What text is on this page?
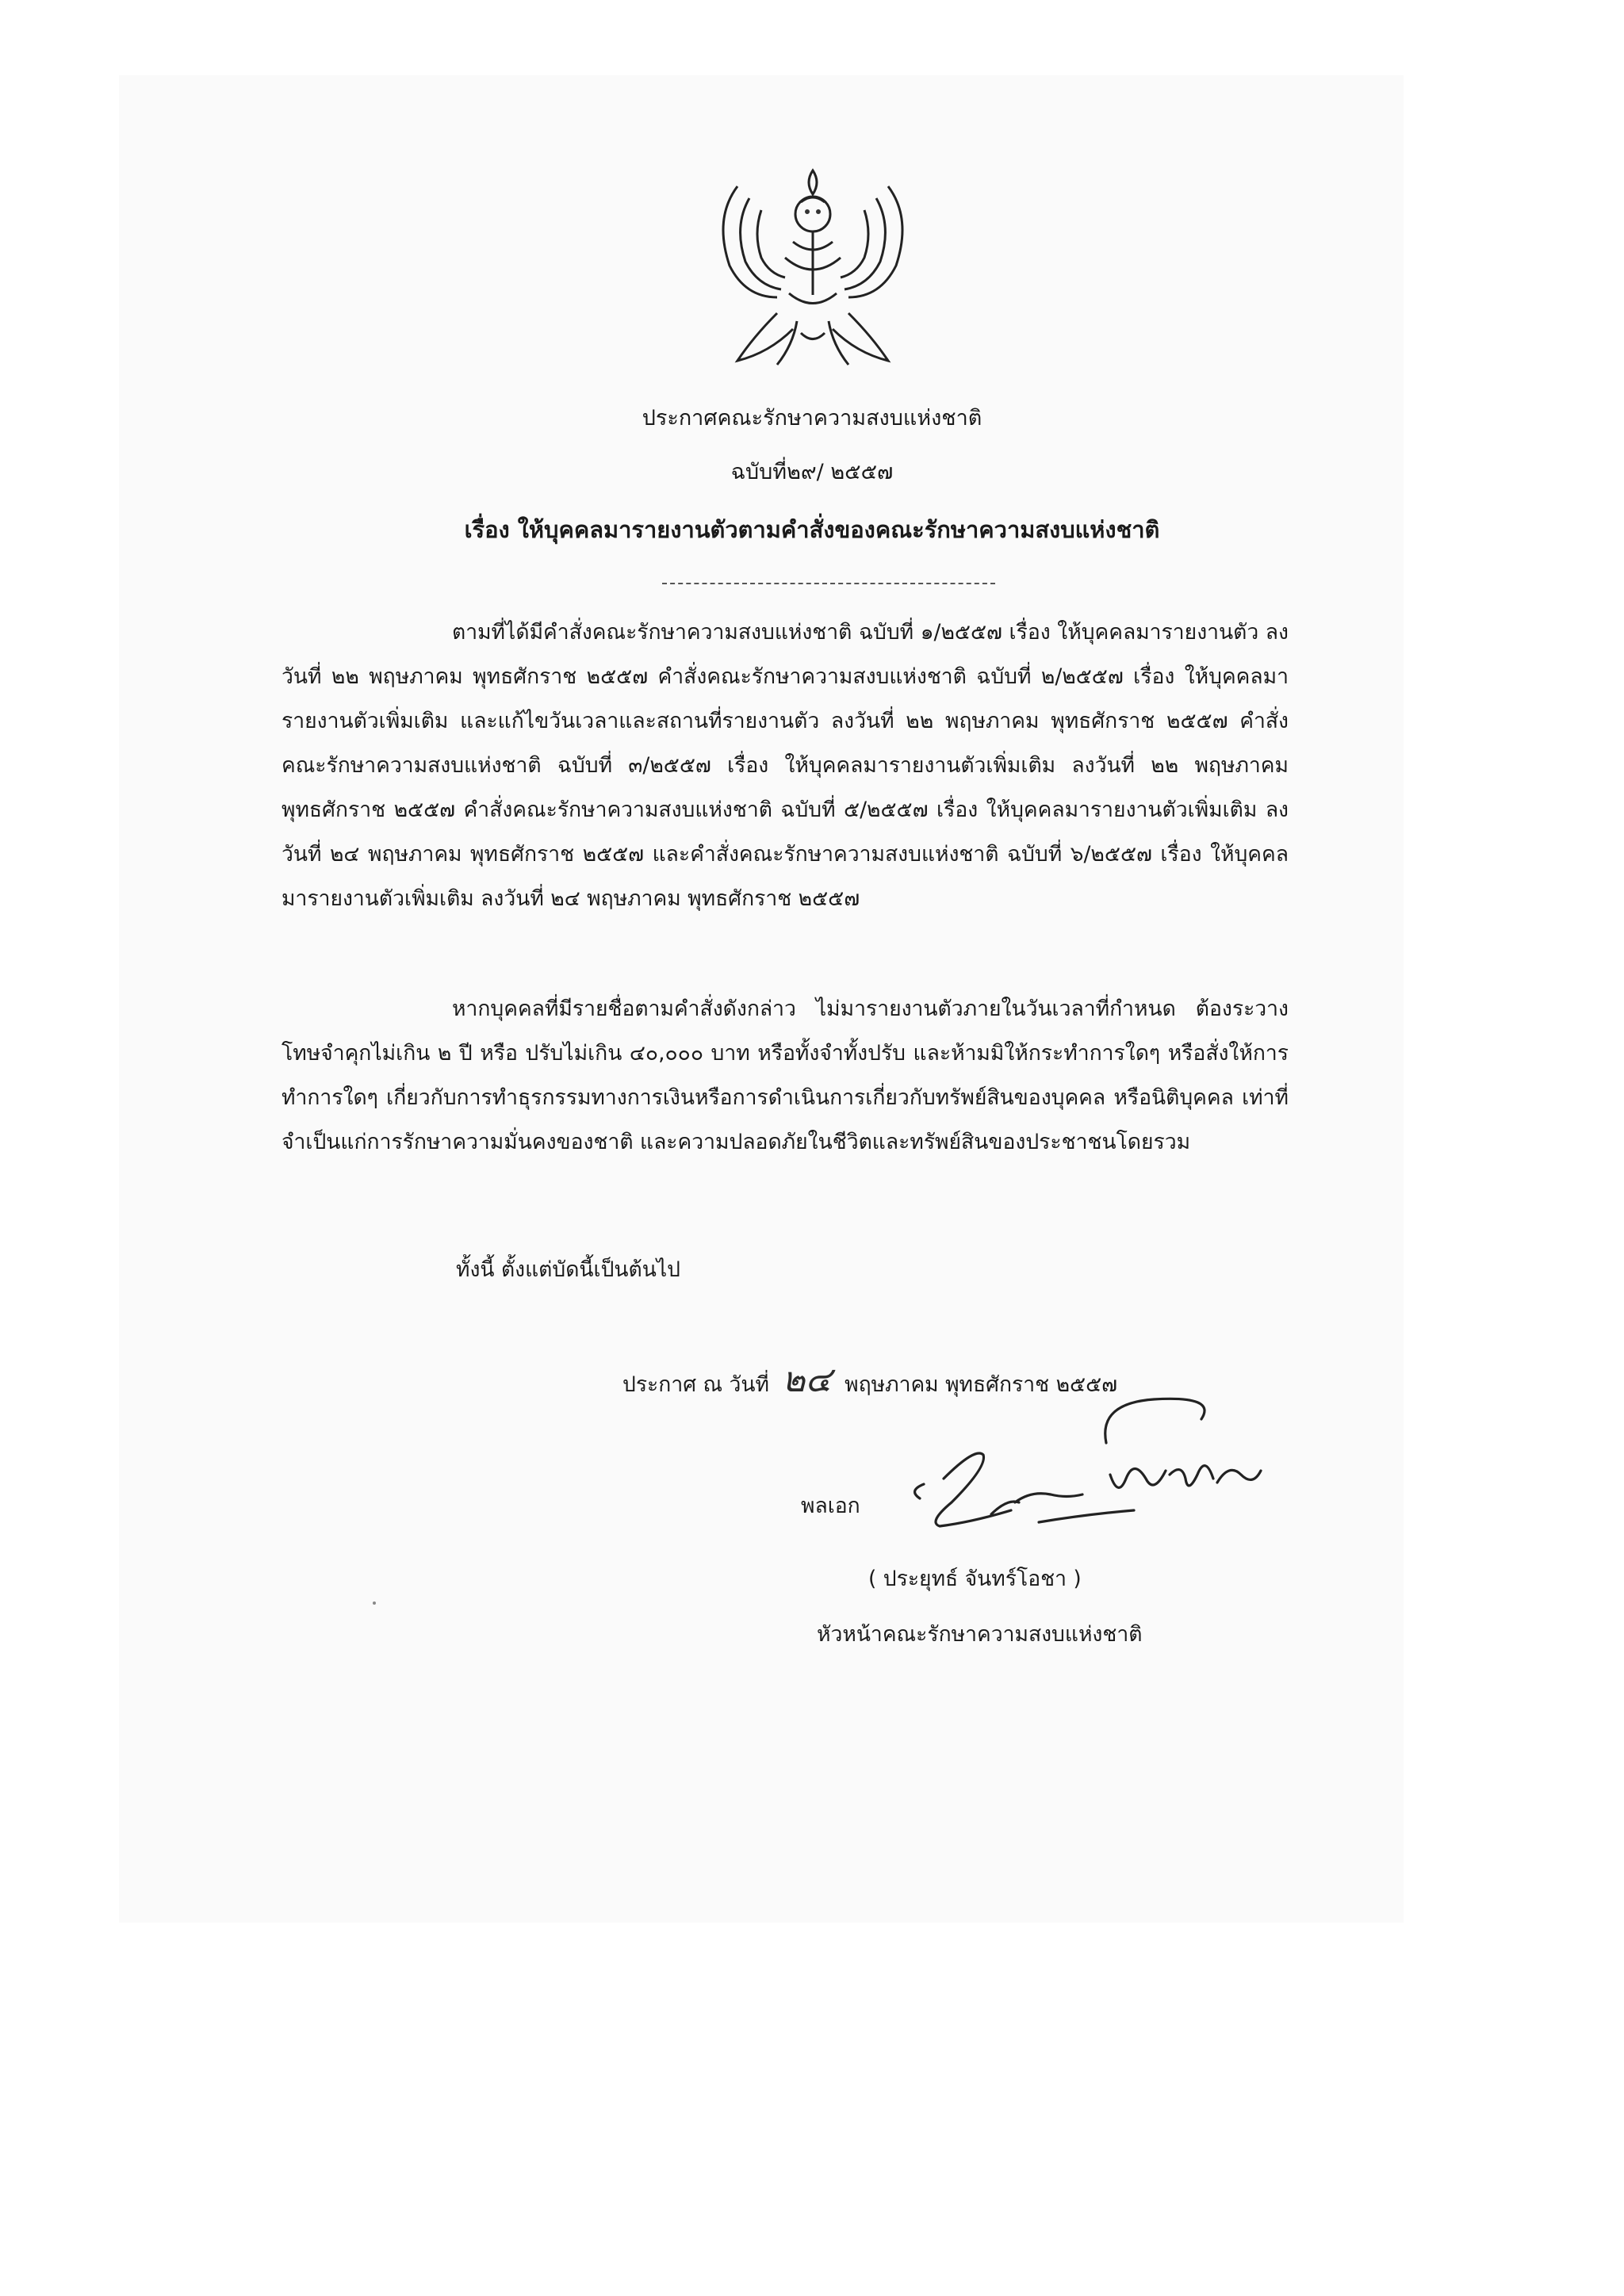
ประกาศคณะรักษาความสงบแห่งชาติ
ฉบับที่๒๙/ ๒๕๕๗
เรื่อง ให้บุคคลมารายงานตัวตามคำสั่งของคณะรักษาความสงบแห่งชาติ
ตามที่ได้มีคำสั่งคณะรักษาความสงบแห่งชาติ ฉบับที่ ๑/๒๕๕๗ เรื่อง ให้บุคคลมารายงานตัว ลงวันที่ ๒๒ พฤษภาคม พุทธศักราช ๒๕๕๗ คำสั่งคณะรักษาความสงบแห่งชาติ ฉบับที่ ๒/๒๕๕๗ เรื่อง ให้บุคคลมารายงานตัวเพิ่มเติม และแก้ไขวันเวลาและสถานที่รายงานตัว ลงวันที่ ๒๒ พฤษภาคม พุทธศักราช ๒๕๕๗ คำสั่งคณะรักษาความสงบแห่งชาติ ฉบับที่ ๓/๒๕๕๗ เรื่อง ให้บุคคลมารายงานตัวเพิ่มเติม ลงวันที่ ๒๒ พฤษภาคม พุทธศักราช ๒๕๕๗ คำสั่งคณะรักษาความสงบแห่งชาติ ฉบับที่ ๕/๒๕๕๗ เรื่อง ให้บุคคลมารายงานตัวเพิ่มเติม ลงวันที่ ๒๔ พฤษภาคม พุทธศักราช ๒๕๕๗ และคำสั่งคณะรักษาความสงบแห่งชาติ ฉบับที่ ๖/๒๕๕๗ เรื่อง ให้บุคคลมารายงานตัวเพิ่มเติม ลงวันที่ ๒๔ พฤษภาคม พุทธศักราช ๒๕๕๗
หากบุคคลที่มีรายชื่อตามคำสั่งดังกล่าว ไม่มารายงานตัวภายในวันเวลาที่กำหนด ต้องระวางโทษจำคุกไม่เกิน ๒ ปี หรือ ปรับไม่เกิน ๔๐,๐๐๐ บาท หรือทั้งจำทั้งปรับ และห้ามมิให้กระทำการใดๆ หรือสั่งให้การทำการใดๆ เกี่ยวกับการทำธุรกรรมทางการเงินหรือการดำเนินการเกี่ยวกับทรัพย์สินของบุคคล หรือนิติบุคคล เท่าที่จำเป็นแก่การรักษาความมั่นคงของชาติ และความปลอดภัยในชีวิตและทรัพย์สินของประชาชนโดยรวม
ทั้งนี้ ตั้งแต่บัดนี้เป็นต้นไป
ประกาศ ณ วันที่ ๒๔ พฤษภาคม พุทธศักราช ๒๕๕๗
พลเอก
( ประยุทธ์ จันทร์โอชา )
หัวหน้าคณะรักษาความสงบแห่งชาติ
